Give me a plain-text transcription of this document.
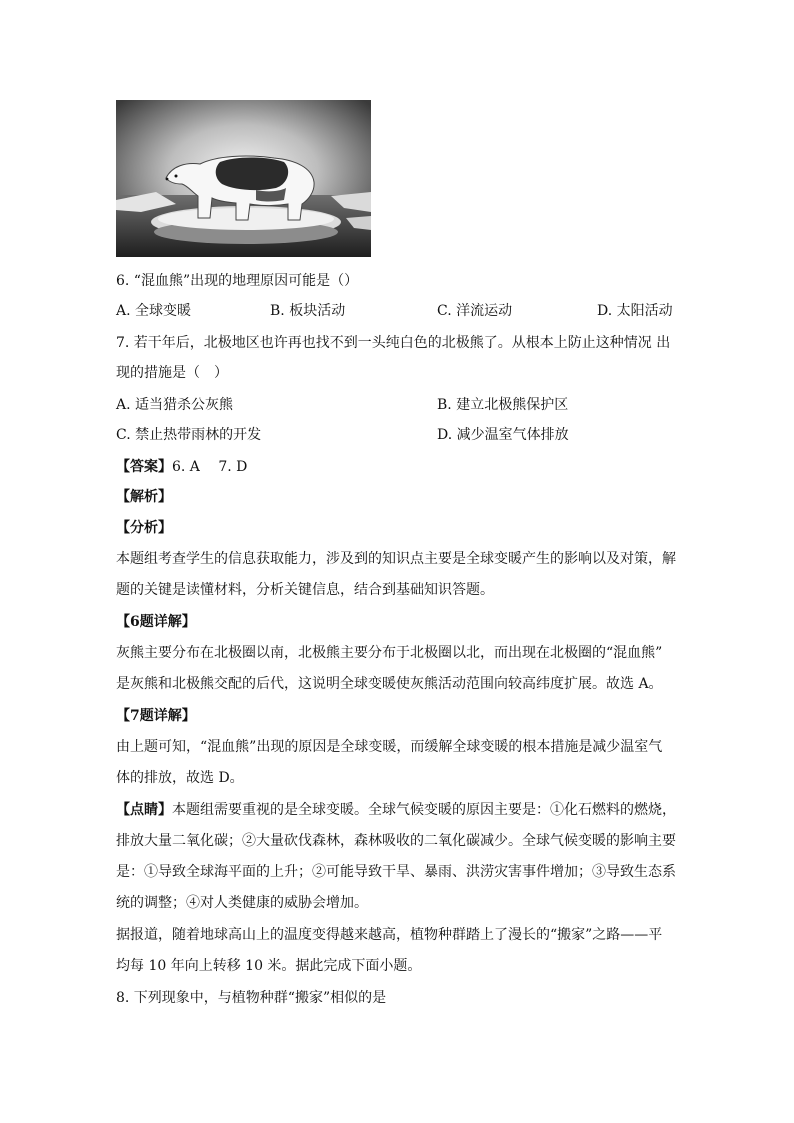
6. “混血熊”出现的地理原因可能是（）
A. 全球变暖	B. 板块活动	C. 洋流运动	D. 太阳活动
7. 若干年后，北极地区也许再也找不到一头纯白色的北极熊了。从根本上防止这种情况 出
现的措施是（　）
A. 适当猎杀公灰熊	B. 建立北极熊保护区
C. 禁止热带雨林的开发	D. 减少温室气体排放
【答案】6. A　 7. D
【解析】
【分析】
本题组考查学生的信息获取能力，涉及到的知识点主要是全球变暖产生的影响以及对策，解
题的关键是读懂材料，分析关键信息，结合到基础知识答题。
【6题详解】
灰熊主要分布在北极圈以南，北极熊主要分布于北极圈以北，而出现在北极圈的“混血熊”
是灰熊和北极熊交配的后代，这说明全球变暖使灰熊活动范围向较高纬度扩展。故选 A。
【7题详解】
由上题可知，“混血熊”出现的原因是全球变暖，而缓解全球变暖的根本措施是减少温室气
体的排放，故选 D。
【点睛】本题组需要重视的是全球变暖。全球气候变暖的原因主要是：①化石燃料的燃烧，
排放大量二氧化碳；②大量砍伐森林，森林吸收的二氧化碳减少。全球气候变暖的影响主要
是：①导致全球海平面的上升；②可能导致干旱、暴雨、洪涝灾害事件增加；③导致生态系
统的调整；④对人类健康的威胁会增加。
据报道，随着地球高山上的温度变得越来越高，植物种群踏上了漫长的“搬家”之路——平
均每 10 年向上转移 10 米。据此完成下面小题。
8. 下列现象中，与植物种群“搬家”相似的是
